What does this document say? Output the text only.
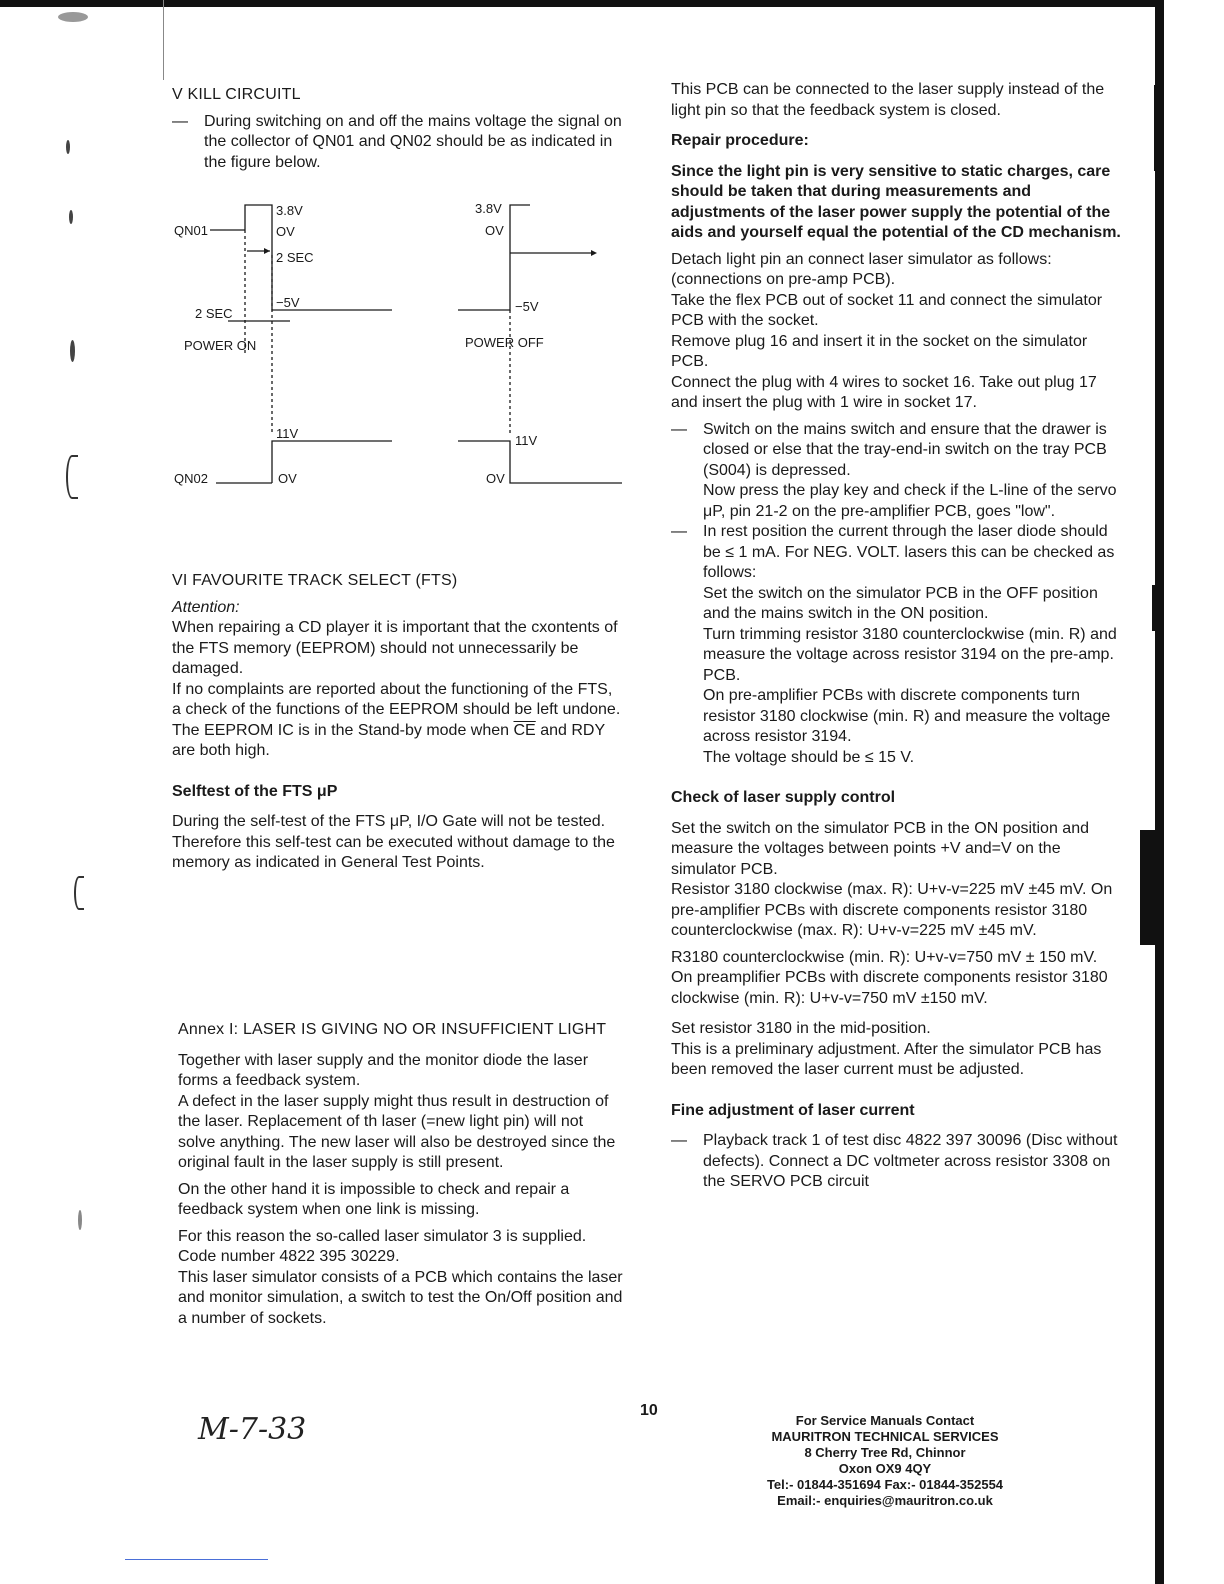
V KILL CIRCUITL

—	During switching on and off the mains voltage the signal on the collector of QN01 and QN02 should be as indicated in the figure below.
QN01
3.8V
OV
2 SEC
−5V
2 SEC
POWER ON
11V
QN02	OV
3.8V
OV
−5V
POWER OFF
11V
OV

VI FAVOURITE TRACK SELECT (FTS)

Attention:

When repairing a CD player it is important that the cxontents of the FTS memory (EEPROM) should not unnecessarily be damaged.

If no complaints are reported about the functioning of the FTS, a check of the functions of the EEPROM should be left undone.

The EEPROM IC is in the Stand-by mode when $\overline{CE}$ and RDY are both high.

Selftest of the FTS μP

During the self-test of the FTS μP, I/O Gate will not be tested.

Therefore this self-test can be executed without damage to the memory as indicated in General Test Points.

Annex I: LASER IS GIVING NO OR INSUFFICIENT LIGHT

Together with laser supply and the monitor diode the laser forms a feedback system.

A defect in the laser supply might thus result in destruction of the laser. Replacement of th laser (=new light pin) will not solve anything. The new laser will also be destroyed since the original fault in the laser supply is still present.

On the other hand it is impossible to check and repair a feedback system when one link is missing.

For this reason the so-called laser simulator 3 is supplied. Code number 4822 395 30229.

This laser simulator consists of a PCB which contains the laser and monitor simulation, a switch to test the On/Off position and a number of sockets.

This PCB can be connected to the laser supply instead of the light pin so that the feedback system is closed.

Repair procedure:

Since the light pin is very sensitive to static charges, care should be taken that during measurements and adjustments of the laser power supply the potential of the aids and yourself equal the potential of the CD mechanism.

Detach light pin an connect laser simulator as follows: (connections on pre-amp PCB).

Take the flex PCB out of socket 11 and connect the simulator PCB with the socket.

Remove plug 16 and insert it in the socket on the simulator PCB.

Connect the plug with 4 wires to socket 16. Take out plug 17 and insert the plug with 1 wire in socket 17.

—	Switch on the mains switch and ensure that the drawer is closed or else that the tray-end-in switch on the tray PCB (S004) is depressed.

Now press the play key and check if the L-line of the servo μP, pin 21-2 on the pre-amplifier PCB, goes "low".

—	In rest position the current through the laser diode should be ≤ 1 mA. For NEG. VOLT. lasers this can be checked as follows:

Set the switch on the simulator PCB in the OFF position and the mains switch in the ON position.

Turn trimming resistor 3180 counterclockwise (min. R) and measure the voltage across resistor 3194 on the pre-amp. PCB.

On pre-amplifier PCBs with discrete components turn resistor 3180 clockwise (min. R) and measure the voltage across resistor 3194.

The voltage should be ≤ 15 V.

Check of laser supply control

Set the switch on the simulator PCB in the ON position and measure the voltages between points +V and=V on the simulator PCB.

Resistor 3180 clockwise (max. R): U+v-v=225 mV ±45 mV. On pre-amplifier PCBs with discrete components resistor 3180 counterclockwise (max. R): U+v-v=225 mV ±45 mV.

R3180 counterclockwise (min. R): U+v-v=750 mV ± 150 mV.

On preamplifier PCBs with discrete components resistor 3180 clockwise (min. R): U+v-v=750 mV ±150 mV.

Set resistor 3180 in the mid-position.

This is a preliminary adjustment. After the simulator PCB has been removed the laser current must be adjusted.

Fine adjustment of laser current

—	Playback track 1 of test disc 4822 397 30096 (Disc without defects). Connect a DC voltmeter across resistor 3308 on the SERVO PCB circuit
10
M-7-33	For Service Manuals Contact
MAURITRON TECHNICAL SERVICES
8 Cherry Tree Rd, Chinnor
Oxon OX9 4QY
Tel:- 01844-351694 Fax:- 01844-352554
Email:- enquiries@mauritron.co.uk
